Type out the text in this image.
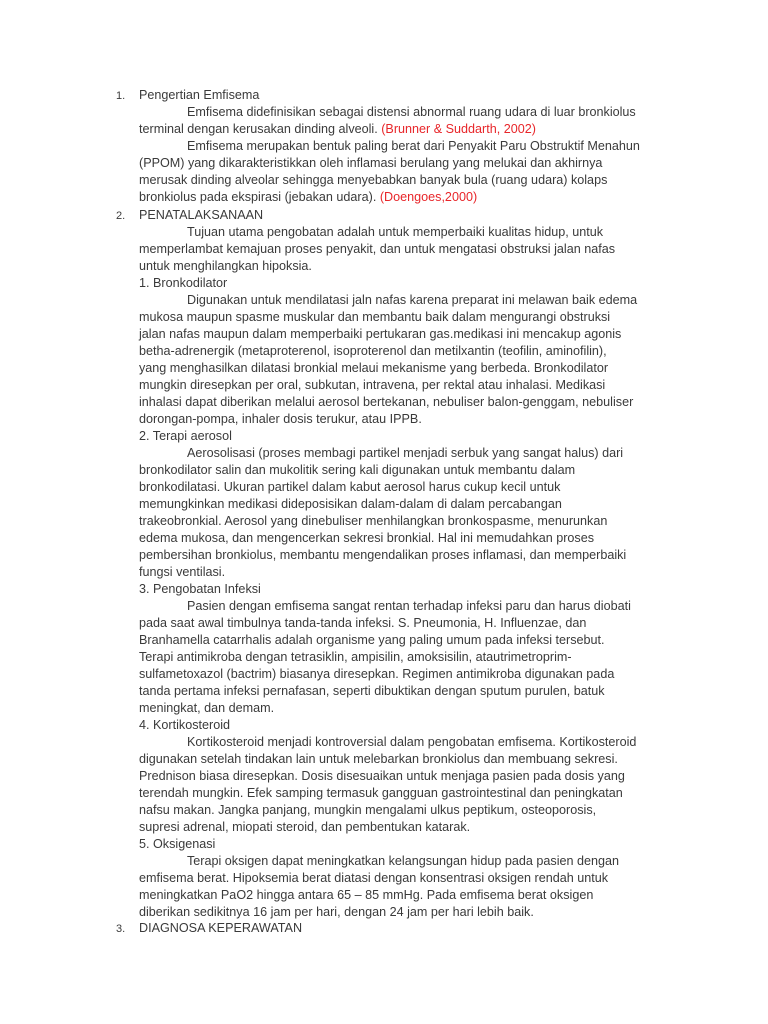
1. Pengertian Emfisema
Emfisema didefinisikan sebagai distensi abnormal ruang udara di luar bronkiolus
terminal dengan kerusakan dinding alveoli. (Brunner & Suddarth, 2002)
Emfisema merupakan bentuk paling berat dari Penyakit Paru Obstruktif Menahun
(PPOM) yang dikarakteristikkan oleh inflamasi berulang yang melukai dan akhirnya
merusak dinding alveolar sehingga menyebabkan banyak bula (ruang udara) kolaps
bronkiolus pada ekspirasi (jebakan udara). (Doengoes,2000)
2. PENATALAKSANAAN
Tujuan utama pengobatan adalah untuk memperbaiki kualitas hidup, untuk
memperlambat kemajuan proses penyakit, dan untuk mengatasi obstruksi jalan nafas
untuk menghilangkan hipoksia.
1. Bronkodilator
Digunakan untuk mendilatasi jaln nafas karena preparat ini melawan baik edema
mukosa maupun spasme muskular dan membantu baik dalam mengurangi obstruksi
jalan nafas maupun dalam memperbaiki pertukaran gas.medikasi ini mencakup agonis
betha-adrenergik (metaproterenol, isoproterenol dan metilxantin (teofilin, aminofilin),
yang menghasilkan dilatasi bronkial melaui mekanisme yang berbeda. Bronkodilator
mungkin diresepkan per oral, subkutan, intravena, per rektal atau inhalasi. Medikasi
inhalasi dapat diberikan melalui aerosol bertekanan, nebuliser balon-genggam, nebuliser
dorongan-pompa, inhaler dosis terukur, atau IPPB.
2. Terapi aerosol
Aerosolisasi (proses membagi partikel menjadi serbuk yang sangat halus) dari
bronkodilator salin dan mukolitik sering kali digunakan untuk membantu dalam
bronkodilatasi. Ukuran partikel dalam kabut aerosol harus cukup kecil untuk
memungkinkan medikasi dideposisikan dalam-dalam di dalam percabangan
trakeobronkial. Aerosol yang dinebuliser menhilangkan bronkospasme, menurunkan
edema mukosa, dan mengencerkan sekresi bronkial. Hal ini memudahkan proses
pembersihan bronkiolus, membantu mengendalikan proses inflamasi, dan memperbaiki
fungsi ventilasi.
3. Pengobatan Infeksi
Pasien dengan emfisema sangat rentan terhadap infeksi paru dan harus diobati
pada saat awal timbulnya tanda-tanda infeksi. S. Pneumonia, H. Influenzae, dan
Branhamella catarrhalis adalah organisme yang paling umum pada infeksi tersebut.
Terapi antimikroba dengan tetrasiklin, ampisilin, amoksisilin, atautrimetroprim-
sulfametoxazol (bactrim) biasanya diresepkan. Regimen antimikroba digunakan pada
tanda pertama infeksi pernafasan, seperti dibuktikan dengan sputum purulen, batuk
meningkat, dan demam.
4. Kortikosteroid
Kortikosteroid menjadi kontroversial dalam pengobatan emfisema. Kortikosteroid
digunakan setelah tindakan lain untuk melebarkan bronkiolus dan membuang sekresi.
Prednison biasa diresepkan. Dosis disesuaikan untuk menjaga pasien pada dosis yang
terendah mungkin. Efek samping termasuk gangguan gastrointestinal dan peningkatan
nafsu makan. Jangka panjang, mungkin mengalami ulkus peptikum, osteoporosis,
supresi adrenal, miopati steroid, dan pembentukan katarak.
5. Oksigenasi
Terapi oksigen dapat meningkatkan kelangsungan hidup pada pasien dengan
emfisema berat. Hipoksemia berat diatasi dengan konsentrasi oksigen rendah untuk
meningkatkan PaO2 hingga antara 65 – 85 mmHg. Pada emfisema berat oksigen
diberikan sedikitnya 16 jam per hari, dengan 24 jam per hari lebih baik.
3. DIAGNOSA KEPERAWATAN
